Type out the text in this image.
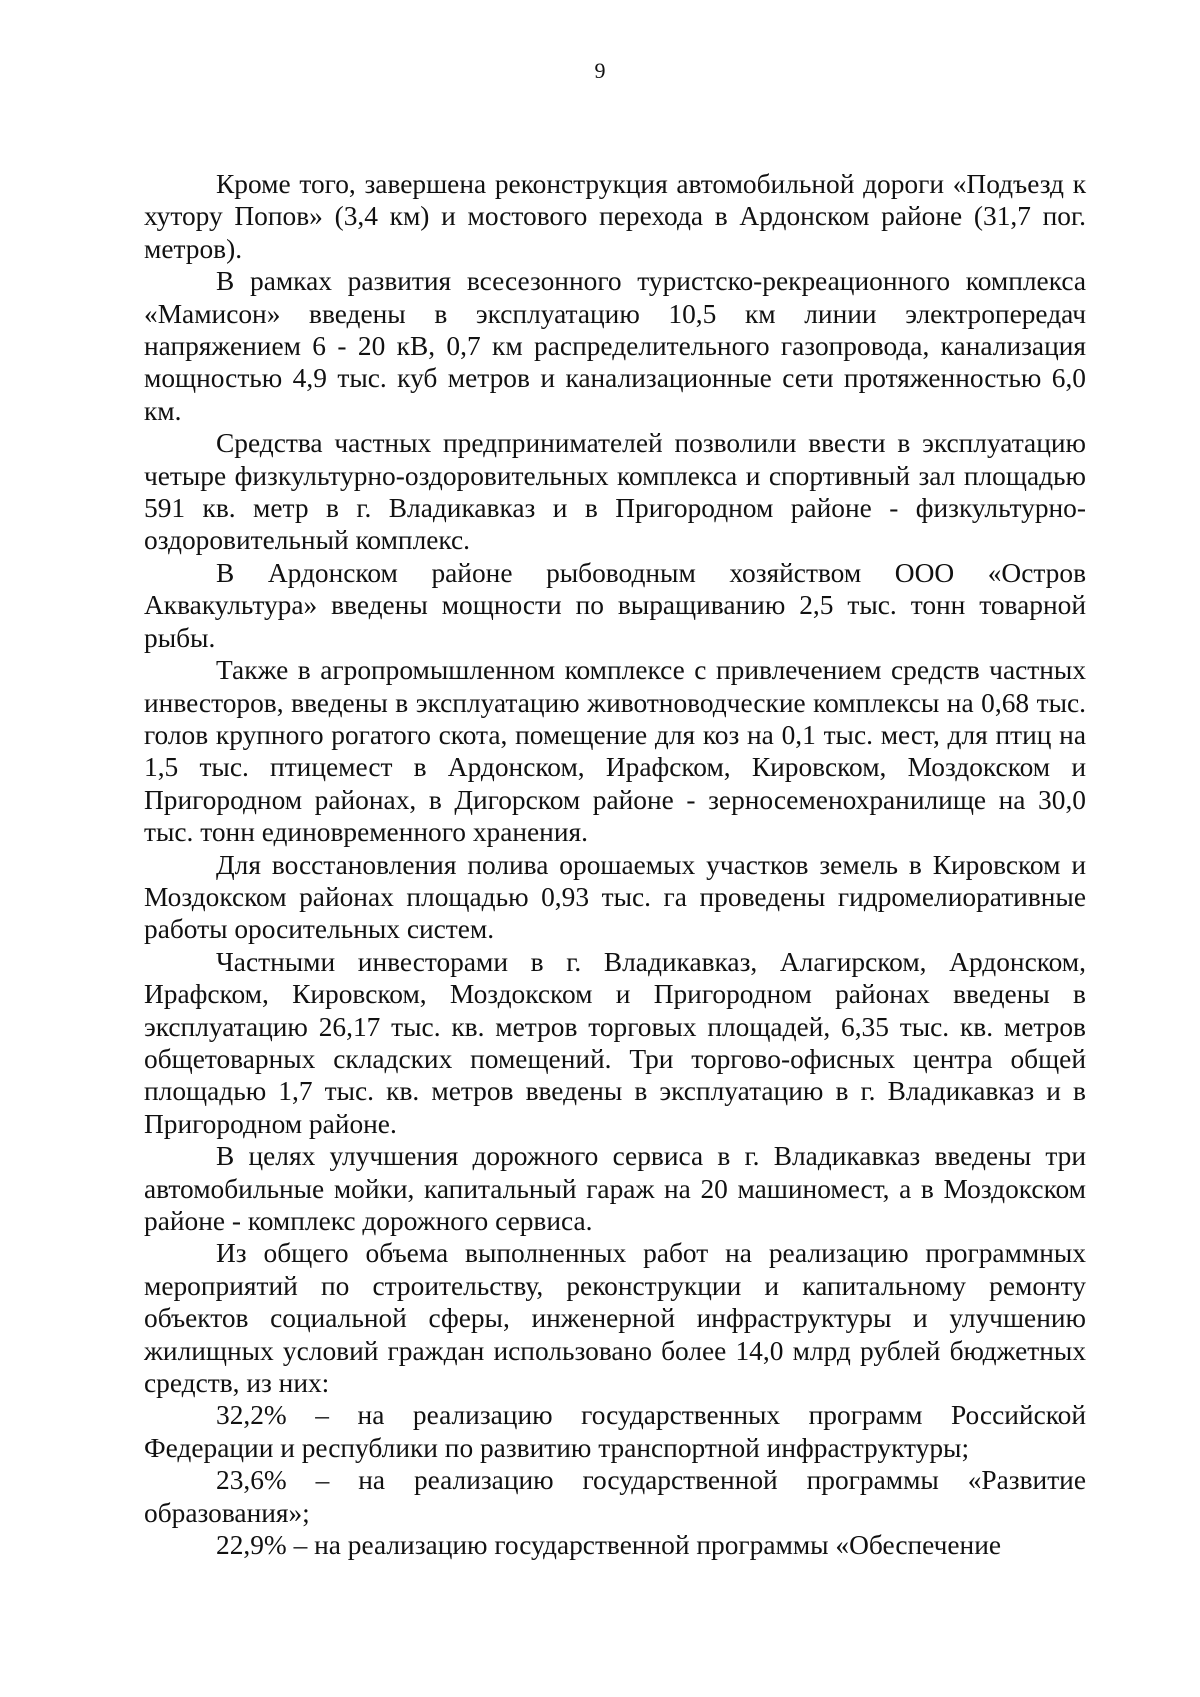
9

Кроме того, завершена реконструкция автомобильной дороги «Подъезд к хутору Попов» (3,4 км) и мостового перехода в Ардонском районе (31,7 пог. метров).

В рамках развития всесезонного туристско-рекреационного комплекса «Мамисон» введены в эксплуатацию 10,5 км линии электропередач напряжением 6 - 20 кВ, 0,7 км распределительного газопровода, канализация мощностью 4,9 тыс. куб метров и канализационные сети протяженностью 6,0 км.

Средства частных предпринимателей позволили ввести в эксплуатацию четыре физкультурно-оздоровительных комплекса и спортивный зал площадью 591 кв. метр в г. Владикавказ и в Пригородном районе - физкультурно-оздоровительный комплекс.

В Ардонском районе рыбоводным хозяйством ООО «Остров Аквакультура» введены мощности по выращиванию 2,5 тыс. тонн товарной рыбы.

Также в агропромышленном комплексе с привлечением средств частных инвесторов, введены в эксплуатацию животноводческие комплексы на 0,68 тыс. голов крупного рогатого скота, помещение для коз на 0,1 тыс. мест, для птиц на 1,5 тыс. птицемест в Ардонском, Ирафском, Кировском, Моздокском и Пригородном районах, в Дигорском районе - зерносеменохранилище на 30,0 тыс. тонн единовременного хранения.

Для восстановления полива орошаемых участков земель в Кировском и Моздокском районах площадью 0,93 тыс. га проведены гидромелиоративные работы оросительных систем.

Частными инвесторами в г. Владикавказ, Алагирском, Ардонском, Ирафском, Кировском, Моздокском и Пригородном районах введены в эксплуатацию 26,17 тыс. кв. метров торговых площадей, 6,35 тыс. кв. метров общетоварных складских помещений. Три торгово-офисных центра общей площадью 1,7 тыс. кв. метров введены в эксплуатацию в г. Владикавказ и в Пригородном районе.

В целях улучшения дорожного сервиса в г. Владикавказ введены три автомобильные мойки, капитальный гараж на 20 машиномест, а в Моздокском районе - комплекс дорожного сервиса.

Из общего объема выполненных работ на реализацию программных мероприятий по строительству, реконструкции и капитальному ремонту объектов социальной сферы, инженерной инфраструктуры и улучшению жилищных условий граждан использовано более 14,0 млрд рублей бюджетных средств, из них:

32,2% – на реализацию государственных программ Российской Федерации и республики по развитию транспортной инфраструктуры;

23,6% – на реализацию государственной программы «Развитие образования»;

22,9% – на реализацию государственной программы «Обеспечение
